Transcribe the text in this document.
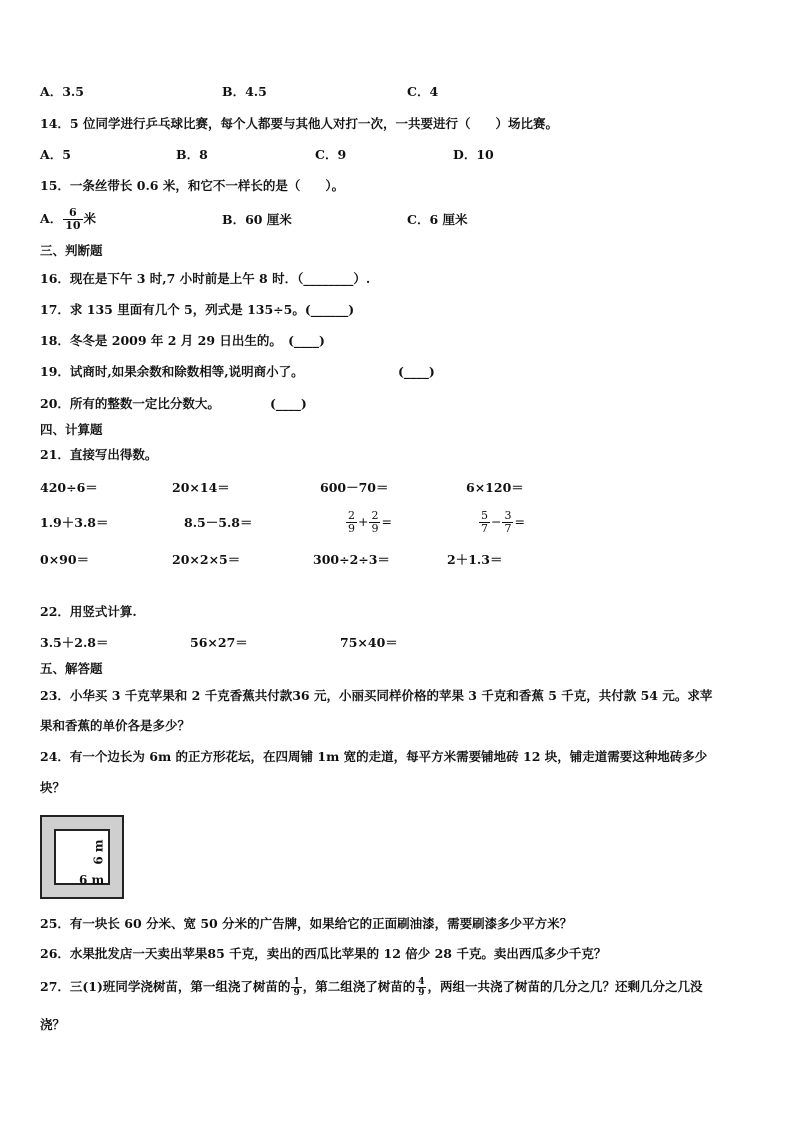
A．3.5	B．4.5	C．4
14．5 位同学进行乒乓球比赛，每个人都要与其他人对打一次，一共要进行（　　）场比赛。
A．5	B．8	C．9	D．10
15．一条丝带长 0.6 米，和它不一样长的是（　　）。
A． $\frac{6}{10}$ 米	B．60 厘米	C．6 厘米
三、判断题
16．现在是下午 3 时,7 小时前是上午 8 时．（________）.
17．求 135 里面有几个 5，列式是 135÷5。(______)
18．冬冬是 2009 年 2 月 29 日出生的。　(____)
19．试商时,如果余数和除数相等,说明商小了。	(____)
20．所有的整数一定比分数大。	(____)
四、计算题
21．直接写出得数。
420÷6＝	20×14＝	600－70＝	6×120＝
1.9＋3.8＝	8.5－5.8＝	$\frac{2}{9} + \frac{2}{9}$ =	$\frac{5}{7} - \frac{3}{7}$ =
0×90＝	20×2×5＝	300÷2÷3＝	2＋1.3＝
22．用竖式计算.
3.5＋2.8＝	56×27＝	75×40＝
五、解答题
23．小华买 3 千克苹果和 2 千克香蕉共付款36 元，小丽买同样价格的苹果 3 千克和香蕉 5 千克，共付款 54 元。求苹
果和香蕉的单价各是多少？
24．有一个边长为 6m 的正方形花坛，在四周铺 1m 宽的走道，每平方米需要铺地砖 12 块，铺走道需要这种地砖多少
块？
6 m
6 m
25．有一块长 60 分米、宽 50 分米的广告牌，如果给它的正面刷油漆，需要刷漆多少平方米？
26．水果批发店一天卖出苹果85 千克，卖出的西瓜比苹果的 12 倍少 28 千克。卖出西瓜多少千克？
27．三(1)班同学浇树苗，第一组浇了树苗的 $\frac{1}{9}$ ，第二组浇了树苗的 $\frac{4}{9}$ ，两组一共浇了树苗的几分之几？还剩几分之几没
浇？
